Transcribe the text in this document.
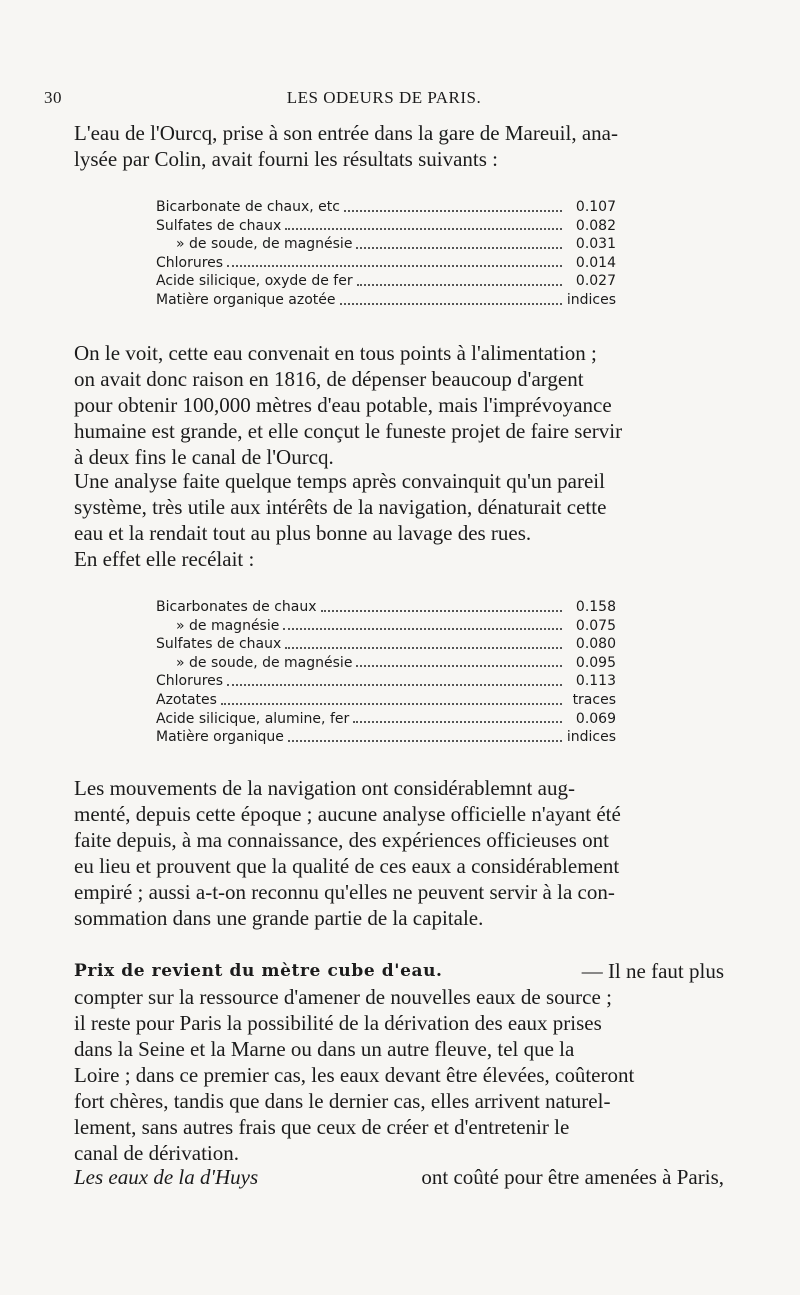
30	LES ODEURS DE PARIS.
L'eau de l'Ourcq, prise à son entrée dans la gare de Mareuil, ana-
lysée par Colin, avait fourni les résultats suivants :
Bicarbonate de chaux, etc	0.107
Sulfates de chaux	0.082
» de soude, de magnésie	0.031
Chlorures	0.014
Acide silicique, oxyde de fer	0.027
Matière organique azotée	indices
On le voit, cette eau convenait en tous points à l'alimentation ;
on avait donc raison en 1816, de dépenser beaucoup d'argent
pour obtenir 100,000 mètres d'eau potable, mais l'imprévoyance
humaine est grande, et elle conçut le funeste projet de faire servir
à deux fins le canal de l'Ourcq.
Une analyse faite quelque temps après convainquit qu'un pareil
système, très utile aux intérêts de la navigation, dénaturait cette
eau et la rendait tout au plus bonne au lavage des rues.
En effet elle recélait :
Bicarbonates de chaux	0.158
» de magnésie	0.075
Sulfates de chaux	0.080
» de soude, de magnésie	0.095
Chlorures	0.113
Azotates	traces
Acide silicique, alumine, fer	0.069
Matière organique	indices
Les mouvements de la navigation ont considérablemnt aug-
menté, depuis cette époque ; aucune analyse officielle n'ayant été
faite depuis, à ma connaissance, des expériences officieuses ont
eu lieu et prouvent que la qualité de ces eaux a considérablement
empiré ; aussi a-t-on reconnu qu'elles ne peuvent servir à la con-
sommation dans une grande partie de la capitale.
Prix de revient du mètre cube d'eau.	— Il ne faut plus
compter sur la ressource d'amener de nouvelles eaux de source ;
il reste pour Paris la possibilité de la dérivation des eaux prises
dans la Seine et la Marne ou dans un autre fleuve, tel que la
Loire ; dans ce premier cas, les eaux devant être élevées, coûteront
fort chères, tandis que dans le dernier cas, elles arrivent naturel-
lement, sans autres frais que ceux de créer et d'entretenir le
canal de dérivation.
Les eaux de la d'Huys	ont coûté pour être amenées à Paris,
